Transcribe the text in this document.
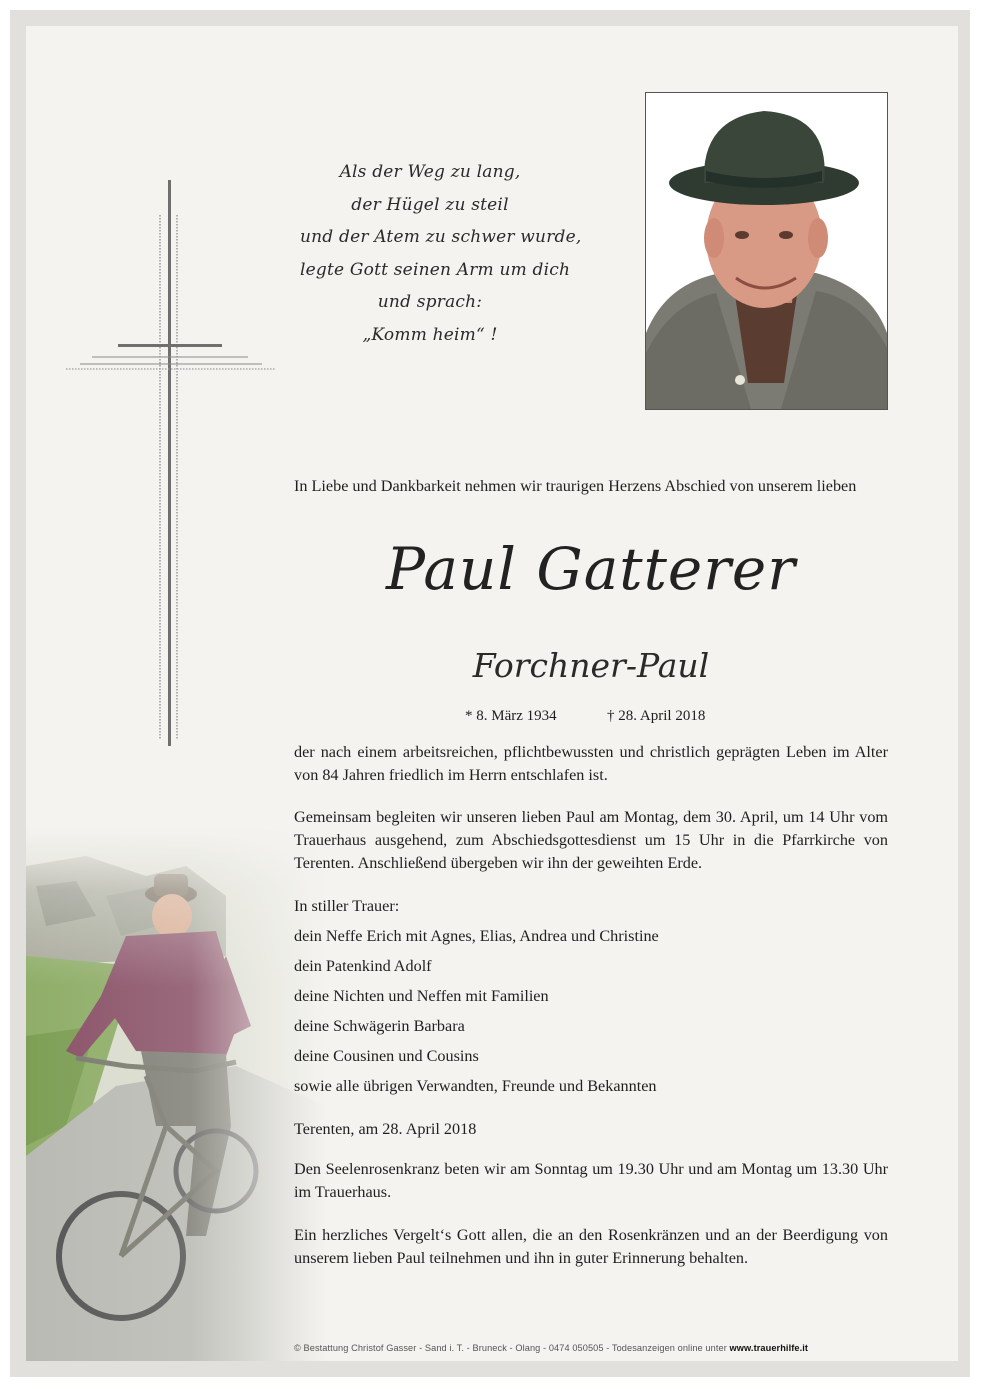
Als der Weg zu lang,
der Hügel zu steil
und der Atem zu schwer wurde,
legte Gott seinen Arm um dich
und sprach:
„Komm heim“ !
In Liebe und Dankbarkeit nehmen wir traurigen Herzens Abschied von unserem lieben
Paul Gatterer
Forchner-Paul
* 8. März 1934	† 28. April 2018
der nach einem arbeitsreichen, pflichtbewussten und christlich geprägten Leben im Alter von 84 Jahren friedlich im Herrn entschlafen ist.
Gemeinsam begleiten wir unseren lieben Paul am Montag, dem 30. April, um 14 Uhr vom Trauerhaus ausgehend, zum Abschiedsgottesdienst um 15 Uhr in die Pfarrkirche von Terenten. Anschließend übergeben wir ihn der geweihten Erde.
In stiller Trauer:
dein Neffe Erich mit Agnes, Elias, Andrea und Christine
dein Patenkind Adolf
deine Nichten und Neffen mit Familien
deine Schwägerin Barbara
deine Cousinen und Cousins
sowie alle übrigen Verwandten, Freunde und Bekannten
Terenten, am 28. April 2018
Den Seelenrosenkranz beten wir am Sonntag um 19.30 Uhr und am Montag um 13.30 Uhr im Trauerhaus.
Ein herzliches Vergelt‘s Gott allen, die an den Rosenkränzen und an der Beerdigung von unserem lieben Paul teilnehmen und ihn in guter Erinnerung behalten.
© Bestattung Christof Gasser - Sand i. T. - Bruneck - Olang - 0474 050505 - Todesanzeigen online unter www.trauerhilfe.it
